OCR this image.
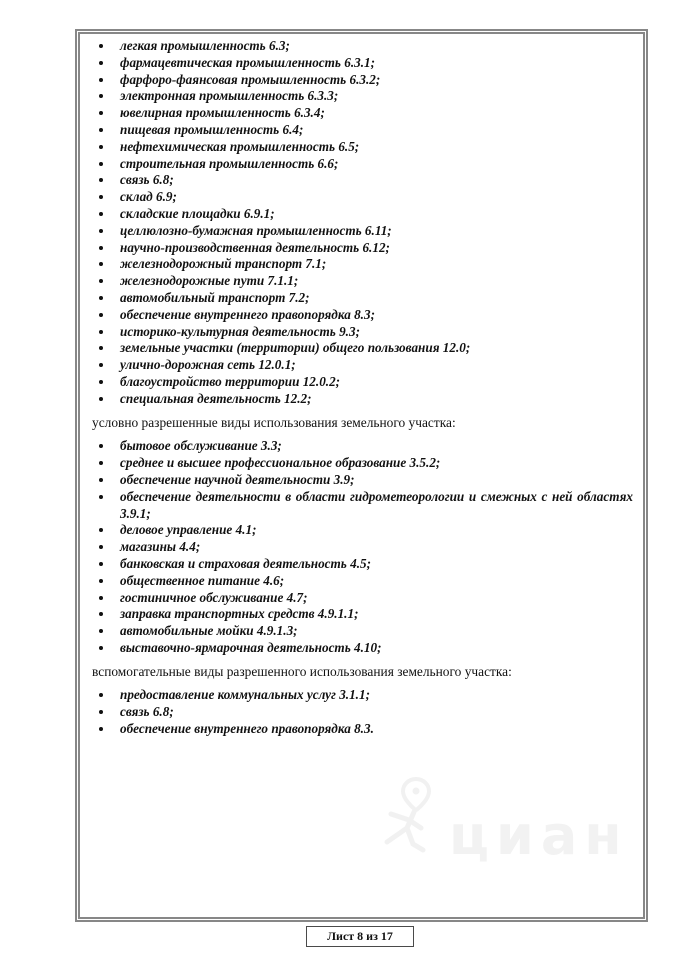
• легкая промышленность 6.3;
• фармацевтическая промышленность 6.3.1;
• фарфоро-фаянсовая промышленность 6.3.2;
• электронная промышленность 6.3.3;
• ювелирная промышленность 6.3.4;
• пищевая промышленность 6.4;
• нефтехимическая промышленность 6.5;
• строительная промышленность 6.6;
• связь 6.8;
• склад 6.9;
• складские площадки 6.9.1;
• целлюлозно-бумажная промышленность 6.11;
• научно-производственная деятельность 6.12;
• железнодорожный транспорт 7.1;
• железнодорожные пути 7.1.1;
• автомобильный транспорт 7.2;
• обеспечение внутреннего правопорядка 8.3;
• историко-культурная деятельность 9.3;
• земельные участки (территории) общего пользования 12.0;
• улично-дорожная сеть 12.0.1;
• благоустройство территории 12.0.2;
• специальная деятельность 12.2;

условно разрешенные виды использования земельного участка:

• бытовое обслуживание 3.3;
• среднее и высшее профессиональное образование 3.5.2;
• обеспечение научной деятельности 3.9;
• обеспечение деятельности в области гидрометеорологии и смежных с ней областях 3.9.1;
• деловое управление 4.1;
• магазины 4.4;
• банковская и страховая деятельность 4.5;
• общественное питание 4.6;
• гостиничное обслуживание 4.7;
• заправка транспортных средств 4.9.1.1;
• автомобильные мойки 4.9.1.3;
• выставочно-ярмарочная деятельность 4.10;

вспомогательные виды разрешенного использования земельного участка:

• предоставление коммунальных услуг 3.1.1;
• связь 6.8;
• обеспечение внутреннего правопорядка 8.3.
циан
Лист 8 из 17
